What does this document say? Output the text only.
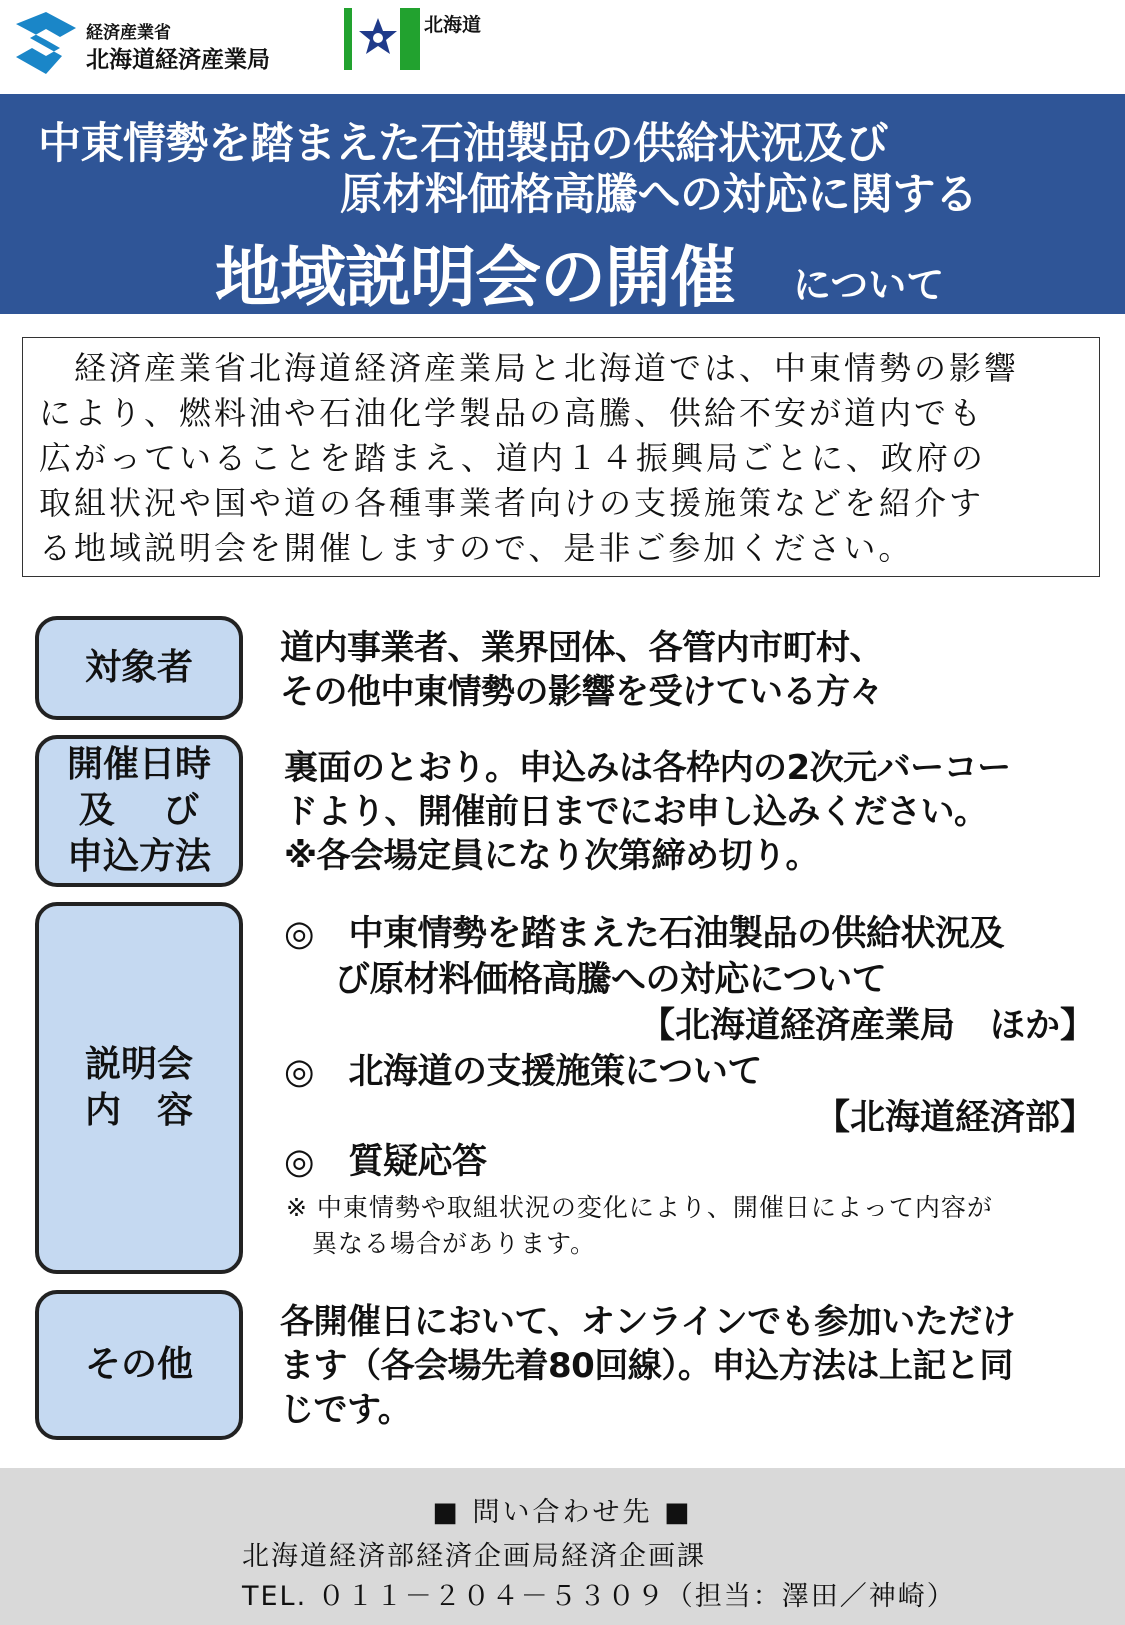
経済産業省
北海道経済産業局
北海道
中東情勢を踏まえた石油製品の供給状況及び
原材料価格高騰への対応に関する
地域説明会の開催 について
　経済産業省北海道経済産業局と北海道では、中東情勢の影響
により、燃料油や石油化学製品の高騰、供給不安が道内でも
広がっていることを踏まえ、道内１４振興局ごとに、政府の
取組状況や国や道の各種事業者向けの支援施策などを紹介す
る地域説明会を開催しますので、是非ご参加ください。
対象者	道内事業者、業界団体、各管内市町村、
その他中東情勢の影響を受けている方々
開催日時
及 び
申込方法
裏面のとおり。申込みは各枠内の2次元バーコー
ドより、開催前日までにお申し込みください。
※各会場定員になり次第締め切り。
説明会
内　容
◎　中東情勢を踏まえた石油製品の供給状況及
び原材料価格高騰への対応について
【北海道経済産業局　ほか】
◎　北海道の支援施策について
【北海道経済部】
◎　質疑応答
※ 中東情勢や取組状況の変化により、開催日によって内容が
　異なる場合があります。
その他
各開催日において、オンラインでも参加いただけ
ます（各会場先着80回線）。申込方法は上記と同
じです。
■ 問い合わせ先 ■
北海道経済部経済企画局経済企画課
TEL. ０１１－２０４－５３０９（担当：澤田／神崎）
